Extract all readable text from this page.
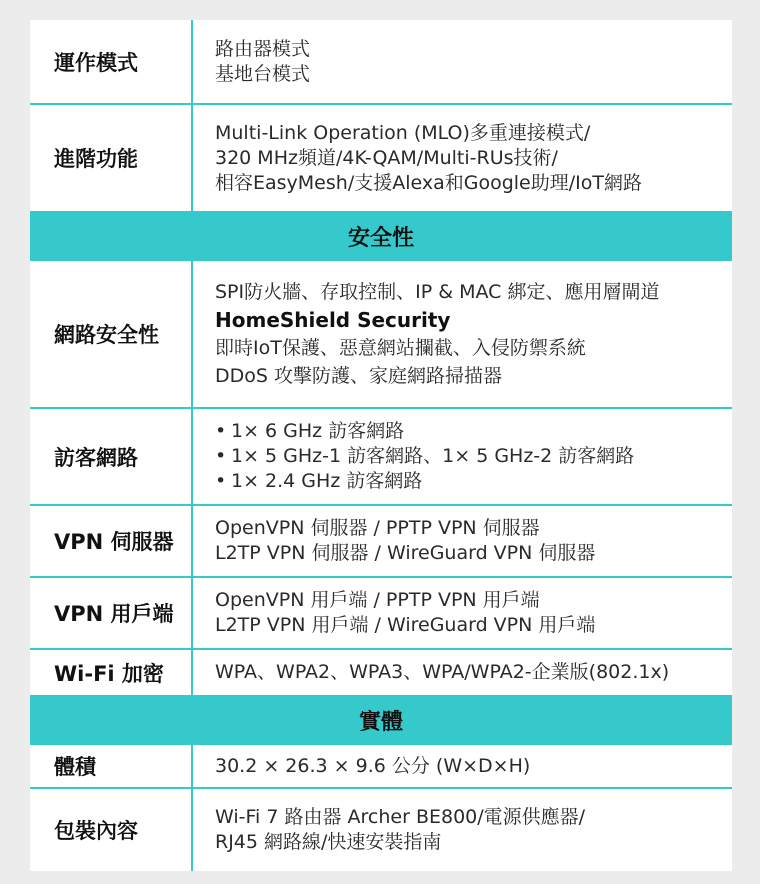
運作模式
路由器模式
基地台模式
進階功能
Multi-Link Operation (MLO)多重連接模式/
320 MHz頻道/4K-QAM/Multi-RUs技術/
相容EasyMesh/支援Alexa和Google助理/IoT網路
安全性
網路安全性
SPI防火牆、存取控制、IP & MAC 綁定、應用層閘道
HomeShield Security
即時IoT保護、惡意網站攔截、入侵防禦系統
DDoS 攻擊防護、家庭網路掃描器
訪客網路
• 1× 6 GHz 訪客網路
• 1× 5 GHz-1 訪客網路、1× 5 GHz-2 訪客網路
• 1× 2.4 GHz 訪客網路
VPN 伺服器
OpenVPN 伺服器 / PPTP VPN 伺服器
L2TP VPN 伺服器 / WireGuard VPN 伺服器
VPN 用戶端
OpenVPN 用戶端 / PPTP VPN 用戶端
L2TP VPN 用戶端 / WireGuard VPN 用戶端
Wi-Fi 加密	WPA、WPA2、WPA3、WPA/WPA2-企業版(802.1x)
實體
體積	30.2 × 26.3 × 9.6 公分 (W×D×H)
包裝內容
Wi-Fi 7 路由器 Archer BE800/電源供應器/
RJ45 網路線/快速安裝指南
